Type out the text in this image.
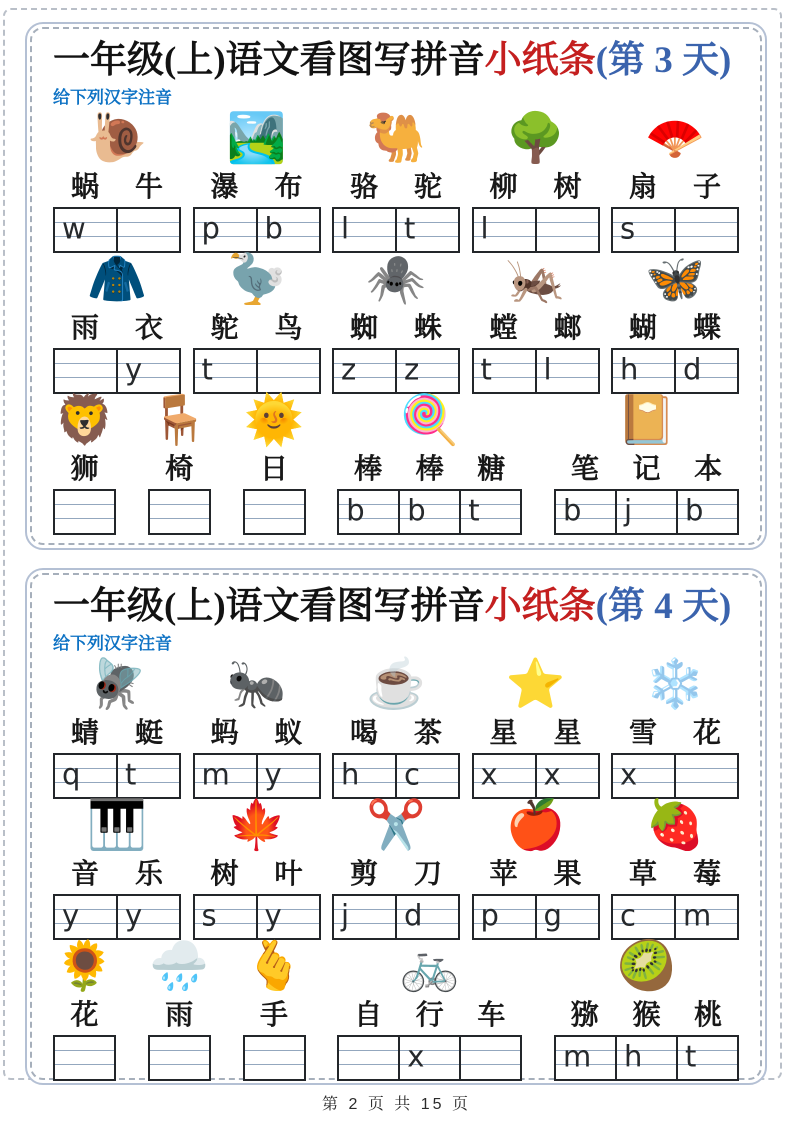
一年级(上)语文看图写拼音小纸条(第 3 天)
给下列汉字注音
🐌
蜗 牛
w
🏞️
瀑 布
p b
🐫
骆 驼
l t
🌳
柳 树
l
🪭
扇 子
s
🧥
雨 衣
y
🦤
鸵 鸟
t
🕷️
蜘 蛛
z z
🦗
螳 螂
t l
🦋
蝴 蝶
h d
🦁
狮
🪑
椅
🌞
日
🍭
棒 棒 糖
b b t
📔
笔 记 本
b j b
一年级(上)语文看图写拼音小纸条(第 4 天)
给下列汉字注音
🪰
蜻 蜓
q t
🐜
蚂 蚁
m y
☕
喝 茶
h c
⭐
星 星
x x
❄️
雪 花
x
🎹
音 乐
y y
🍁
树 叶
s y
✂️
剪 刀
j d
🍎
苹 果
p g
🍓
草 莓
c m
🌻
花
🌧️
雨
🫰
手
🚲
自 行 车
x
🥝
猕 猴 桃
m h t
第 2 页 共 15 页
